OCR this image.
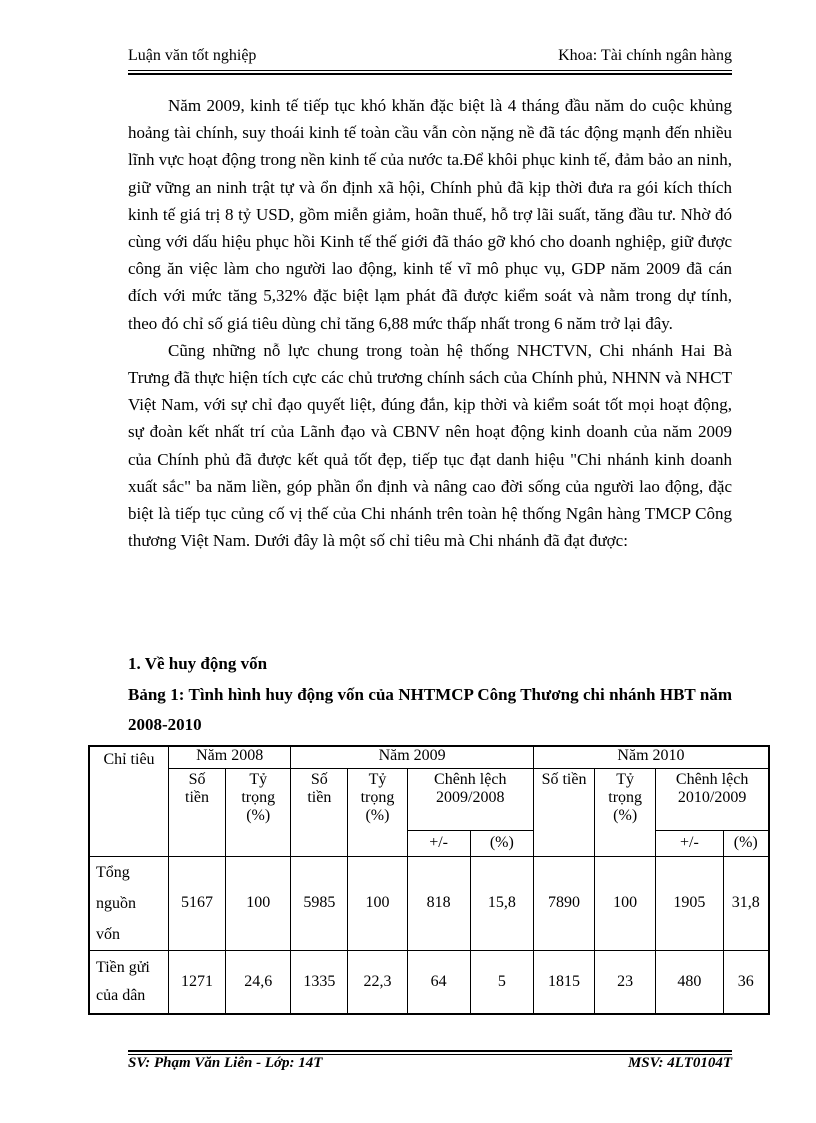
Luận văn tốt nghiệp	Khoa: Tài chính ngân hàng

Năm 2009, kinh tế tiếp tục khó khăn đặc biệt là 4 tháng đầu năm do cuộc khủng hoảng tài chính, suy thoái kinh tế toàn cầu vẫn còn nặng nề đã tác động mạnh đến nhiều lĩnh vực hoạt động trong nền kinh tế của nước ta.Để khôi phục kinh tế, đảm bảo an ninh, giữ vững an ninh trật tự và ổn định xã hội, Chính phủ đã kịp thời đưa ra gói kích thích kinh tế giá trị 8 tỷ USD, gồm miễn giảm, hoãn thuế, hỗ trợ lãi suất, tăng đầu tư. Nhờ đó cùng với dấu hiệu phục hồi Kinh tế thế giới đã tháo gỡ khó cho doanh nghiệp, giữ được công ăn việc làm cho người lao động, kinh tế vĩ mô phục vụ, GDP năm 2009 đã cán đích với mức tăng 5,32% đặc biệt lạm phát đã được kiểm soát và nằm trong dự tính, theo đó chỉ số giá tiêu dùng chỉ tăng 6,88 mức thấp nhất trong 6 năm trở lại đây.

Cũng những nỗ lực chung trong toàn hệ thống NHCTVN, Chi nhánh Hai Bà Trưng đã thực hiện tích cực các chủ trương chính sách của Chính phủ, NHNN và NHCT Việt Nam, với sự chỉ đạo quyết liệt, đúng đắn, kịp thời và kiểm soát tốt mọi hoạt động, sự đoàn kết nhất trí của Lãnh đạo và CBNV nên hoạt động kinh doanh của năm 2009 của Chính phủ đã được kết quả tốt đẹp, tiếp tục đạt danh hiệu "Chi nhánh kinh doanh xuất sắc" ba năm liền, góp phần ổn định và nâng cao đời sống của người lao động, đặc biệt là tiếp tục củng cố vị thế của Chi nhánh trên toàn hệ thống Ngân hàng TMCP Công thương Việt Nam. Dưới đây là một số chỉ tiêu mà Chi nhánh đã đạt được:

1. Về huy động vốn
Bảng 1: Tình hình huy động vốn của NHTMCP Công Thương chi nhánh HBT năm 2008-2010
Chỉ tiêu	Năm 2008		Năm 2009				Năm 2010			
	Số tiền	Tỷ trọng (%)	Số tiền	Tỷ trọng (%)	Chênh lệch 2009/2008		Số tiền	Tỷ trọng (%)	Chênh lệch 2010/2009	
					+/-	(%)			+/-	(%)
Tổng nguồn vốn	5167	100	5985	100	818	15,8	7890	100	1905	31,8
Tiền gửi của dân	1271	24,6	1335	22,3	64	5	1815	23	480	36
SV: Phạm Văn Liên - Lớp: 14T	MSV: 4LT0104T
